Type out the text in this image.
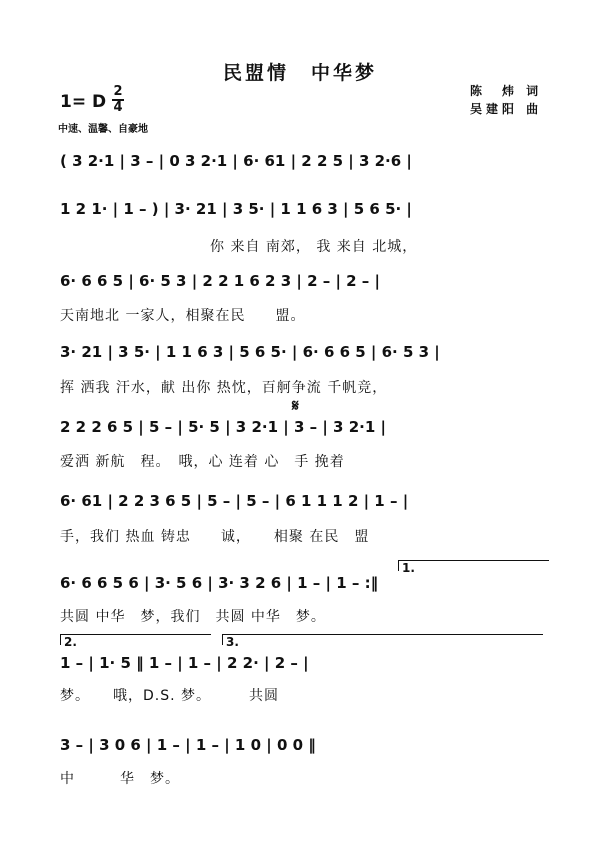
民盟情　中华梦
陈　炜 词
吴建阳 曲
1= D
2
4
中速、温馨、自豪地
( 3 2·1 | 3 – | 0 3 2·1 | 6· 61 | 2 2 5 | 3 2·6 |
1 2 1· | 1 – ) | 3· 21 | 3 5· | 1 1 6 3 | 5 6 5· |
你 来自 南郊， 我 来自 北城，
6· 6 6 5 | 6· 5 3 | 2 2 1 6 2 3 | 2 – | 2 – |
天南地北 一家人，相聚在民　　盟。
3· 21 | 3 5· | 1 1 6 3 | 5 6 5· | 6· 6 6 5 | 6· 5 3 |
挥 洒我 汗水，献 出你 热忱，百舸争流 千帆竞，
𝄋
2 2 2 6 5 | 5 – | 5· 5 | 3 2·1 | 3 – | 3 2·1 |
爱洒 新航　程。　哦，心 连着 心　手 挽着
6· 61 | 2 2 3 6 5 | 5 – | 5 – | 6 1 1 1 2 | 1 – |
手，我们 热血 铸忠　　诚，　　相聚 在民　盟
1.
6· 6 6 5 6 | 3· 5 6 | 3· 3 2 6 | 1 – | 1 – :‖
共圆 中华　梦，我们　共圆 中华　梦。
2.	3.
1 – | 1· 5 ‖ 1 – | 1 – | 2 2· | 2 – |
梦。　　哦，D.S. 梦。　　　共圆
3 – | 3 0 6 | 1 – | 1 – | 1 0 | 0 0 ‖
中　　　华　梦。
